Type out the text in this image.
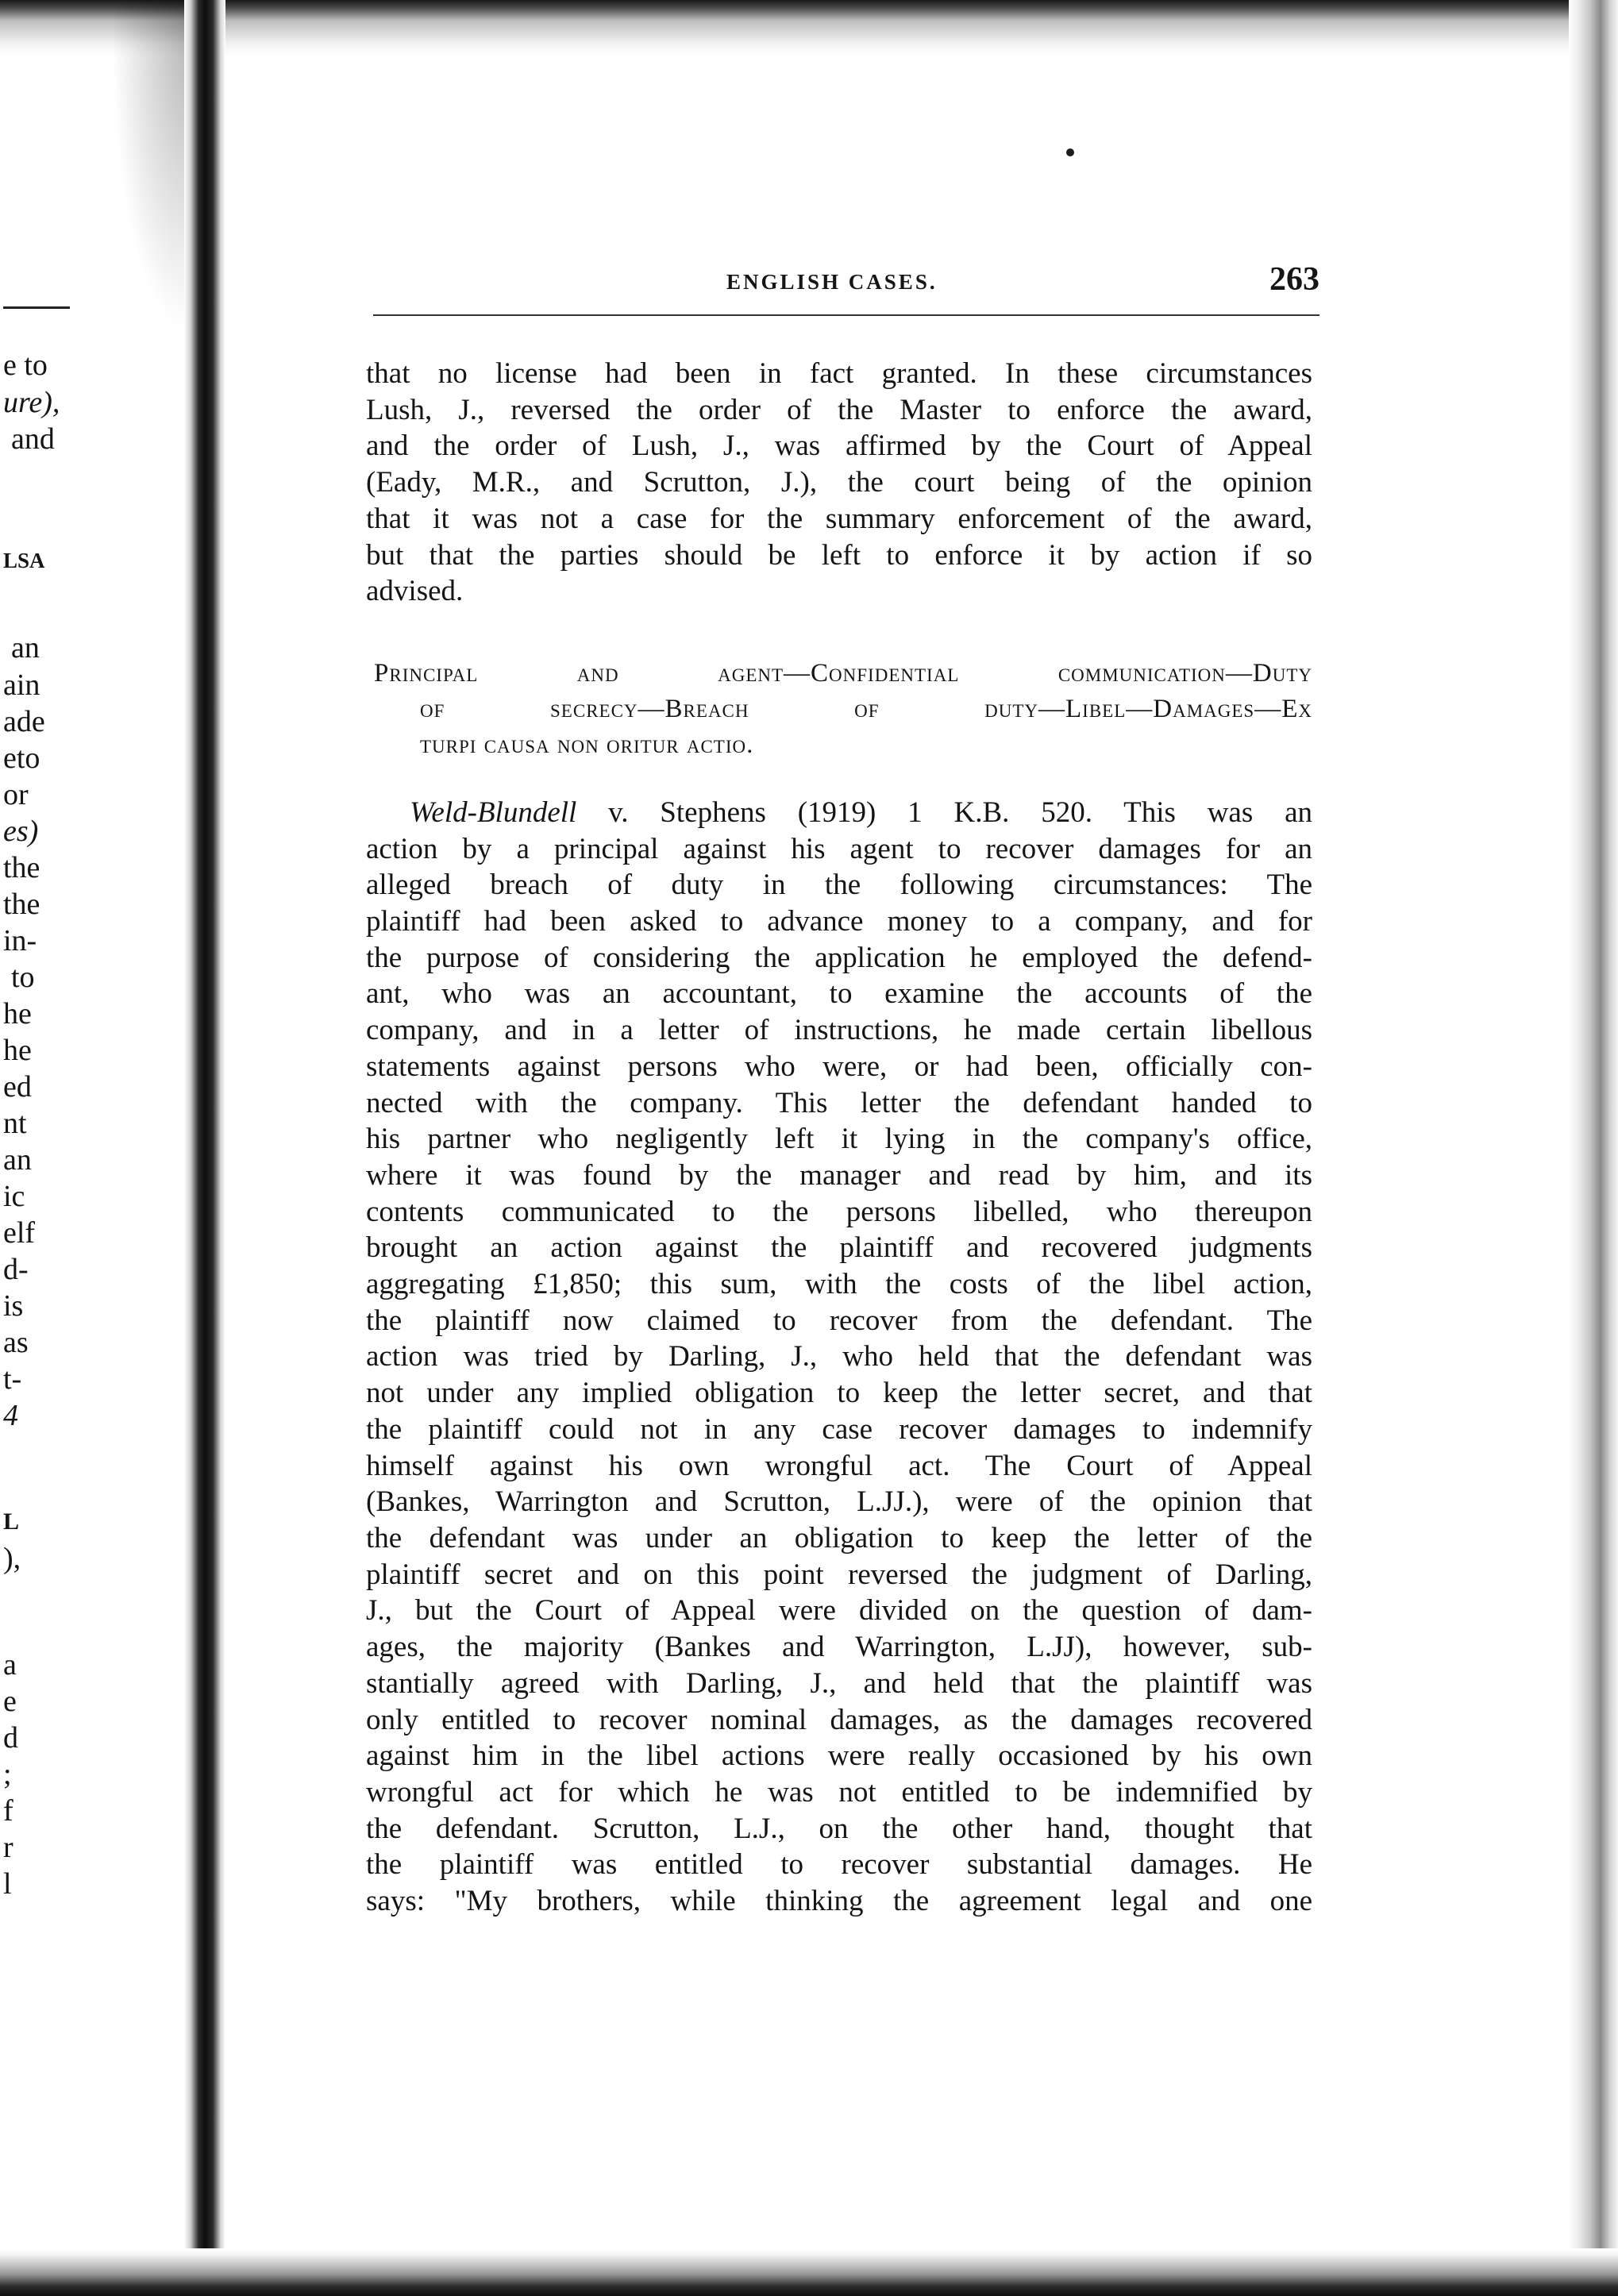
e to
ure),
and
LSA
an
ain
ade
eto
or
es)
the
the
in-
to
he
he
ed
nt
an
ic
elf
d-
is
as
t-
4
L
),
a
e
d
;
f
r
l
ENGLISH CASES.	263
that no license had been in fact granted. In these circumstances
Lush, J., reversed the order of the Master to enforce the award,
and the order of Lush, J., was affirmed by the Court of Appeal
(Eady, M.R., and Scrutton, J.), the court being of the opinion
that it was not a case for the summary enforcement of the award,
but that the parties should be left to enforce it by action if so
advised.
Principal and agent—Confidential communication—Duty
of secrecy—Breach of duty—Libel—Damages—Ex
turpi causa non oritur actio.
Weld-Blundell v. Stephens (1919) 1 K.B. 520. This was an
action by a principal against his agent to recover damages for an
alleged breach of duty in the following circumstances: The
plaintiff had been asked to advance money to a company, and for
the purpose of considering the application he employed the defend-
ant, who was an accountant, to examine the accounts of the
company, and in a letter of instructions, he made certain libellous
statements against persons who were, or had been, officially con-
nected with the company. This letter the defendant handed to
his partner who negligently left it lying in the company's office,
where it was found by the manager and read by him, and its
contents communicated to the persons libelled, who thereupon
brought an action against the plaintiff and recovered judgments
aggregating £1,850; this sum, with the costs of the libel action,
the plaintiff now claimed to recover from the defendant. The
action was tried by Darling, J., who held that the defendant was
not under any implied obligation to keep the letter secret, and that
the plaintiff could not in any case recover damages to indemnify
himself against his own wrongful act. The Court of Appeal
(Bankes, Warrington and Scrutton, L.JJ.), were of the opinion that
the defendant was under an obligation to keep the letter of the
plaintiff secret and on this point reversed the judgment of Darling,
J., but the Court of Appeal were divided on the question of dam-
ages, the majority (Bankes and Warrington, L.JJ), however, sub-
stantially agreed with Darling, J., and held that the plaintiff was
only entitled to recover nominal damages, as the damages recovered
against him in the libel actions were really occasioned by his own
wrongful act for which he was not entitled to be indemnified by
the defendant. Scrutton, L.J., on the other hand, thought that
the plaintiff was entitled to recover substantial damages. He
says: "My brothers, while thinking the agreement legal and one
